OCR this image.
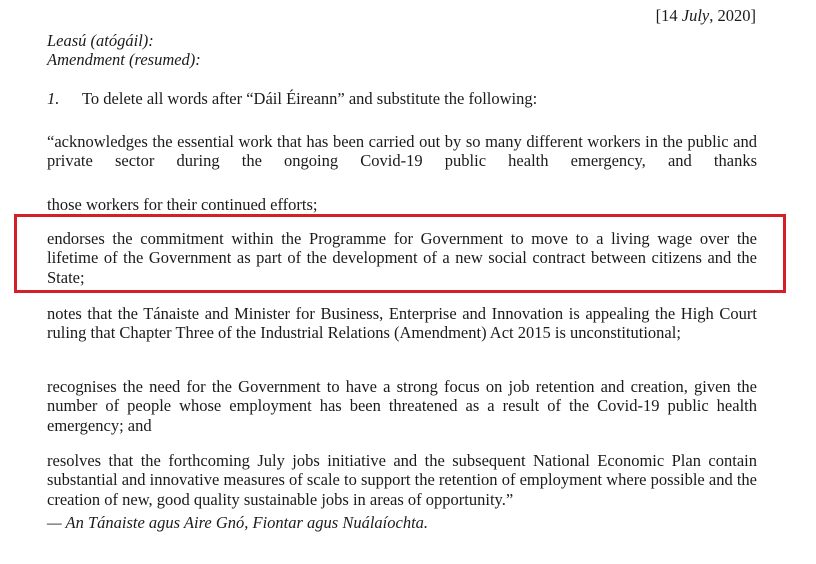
[14 July, 2020]
Leasú (atógáil):
Amendment (resumed):
1. To delete all words after “Dáil Éireann” and substitute the following:
“acknowledges the essential work that has been carried out by so many different workers in the public and private sector during the ongoing Covid-19 public health emergency, and thanks
those workers for their continued efforts;
endorses the commitment within the Programme for Government to move to a living wage over the lifetime of the Government as part of the development of a new social contract between citizens and the State;
notes that the Tánaiste and Minister for Business, Enterprise and Innovation is appealing the High Court ruling that Chapter Three of the Industrial Relations (Amendment) Act 2015 is unconstitutional;
recognises the need for the Government to have a strong focus on job retention and creation, given the number of people whose employment has been threatened as a result of the Covid-19 public health emergency; and
resolves that the forthcoming July jobs initiative and the subsequent National Economic Plan contain substantial and innovative measures of scale to support the retention of employment where possible and the creation of new, good quality sustainable jobs in areas of opportunity.”
— An Tánaiste agus Aire Gnó, Fiontar agus Nuálaíochta.
